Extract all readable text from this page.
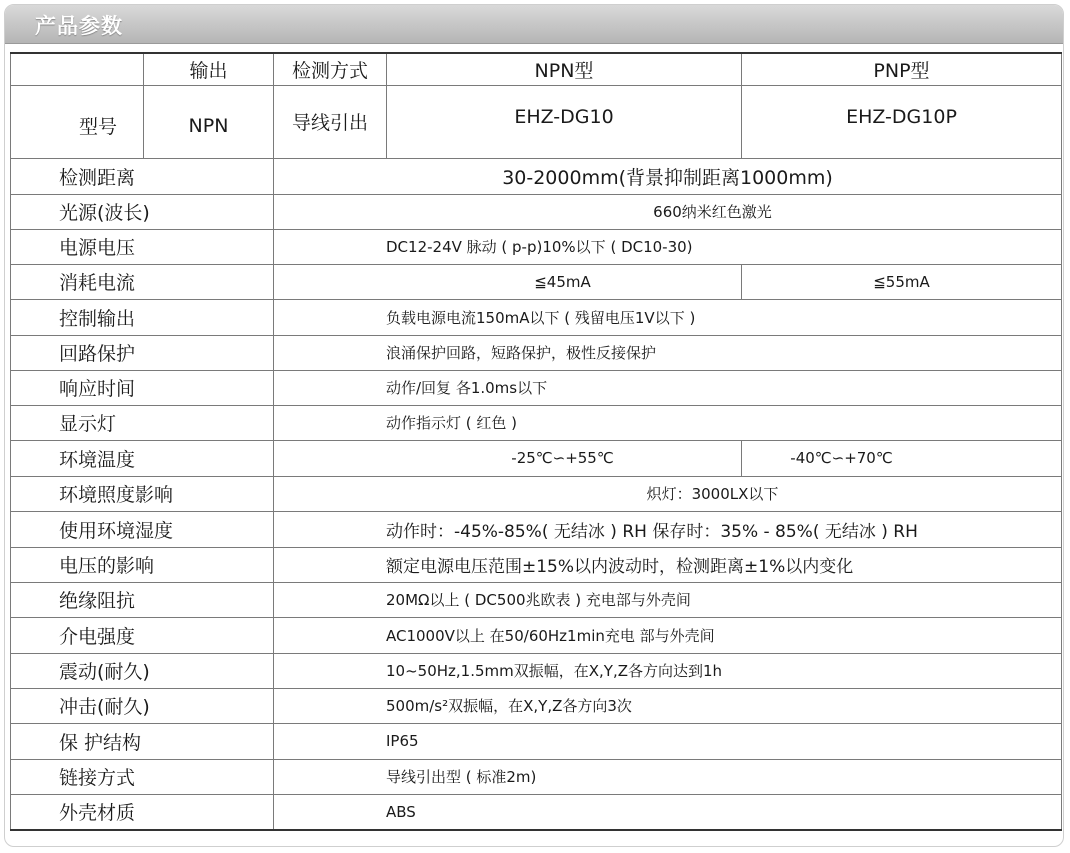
产品参数
	输出	检测方式	NPN型	PNP型
型号	NPN	导线引出	EHZ-DG10	EHZ-DG10P
检测距离		30-2000mm(背景抑制距离1000mm)		
光源(波长)		660纳米红色激光		
电源电压		DC12-24V 脉动 ( p-p)10%以下 ( DC10-30)		
消耗电流		≦45mA		≦55mA
控制输出		负载电源电流150mA以下 ( 残留电压1V以下 )		
回路保护		浪涌保护回路，短路保护，极性反接保护		
响应时间		动作/回复 各1.0ms以下		
显示灯		动作指示灯 ( 红色 )		
环境温度		-25℃∽+55℃		-40℃∽+70℃
环境照度影响		炽灯：3000LX以下		
使用环境湿度		动作时：-45%-85%( 无结冰 ) RH 保存时：35% - 85%( 无结冰 ) RH		
电压的影响		额定电源电压范围±15%以内波动时，检测距离±1%以内变化		
绝缘阻抗		20MΩ以上 ( DC500兆欧表 ) 充电部与外壳间		
介电强度		AC1000V以上 在50/60Hz1min充电 部与外壳间		
震动(耐久)		10~50Hz,1.5mm双振幅，在X,Y,Z各方向达到1h		
冲击(耐久)		500m/s²双振幅，在X,Y,Z各方向3次		
保 护结构		IP65		
链接方式		导线引出型 ( 标准2m)		
外壳材质		ABS		
